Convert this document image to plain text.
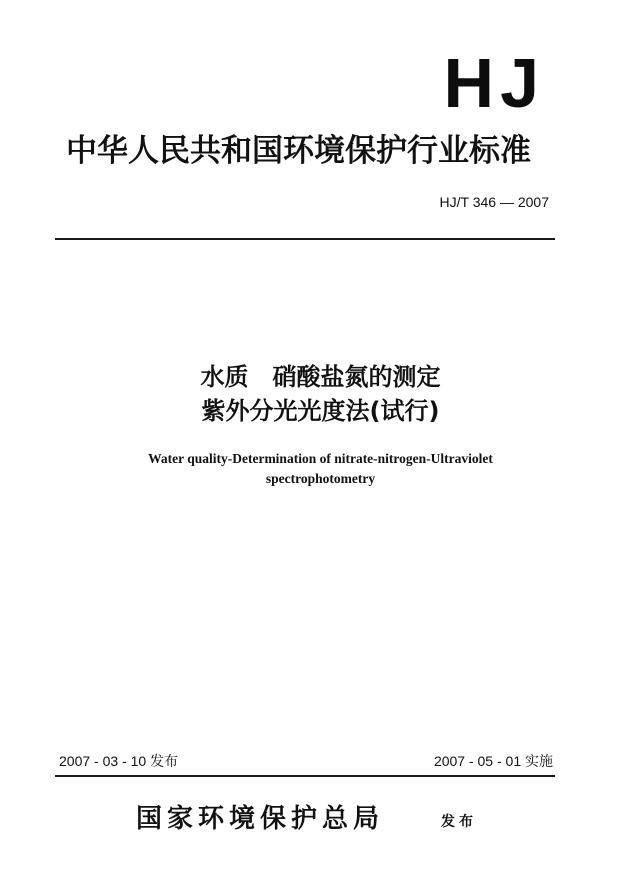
HJ
中华人民共和国环境保护行业标准
HJ/T 346 — 2007
水质　硝酸盐氮的测定
紫外分光光度法(试行)
Water quality-Determination of nitrate-nitrogen-Ultraviolet
spectrophotometry
2007 - 03 - 10 发布	2007 - 05 - 01 实施
国家环境保护总局	发布
